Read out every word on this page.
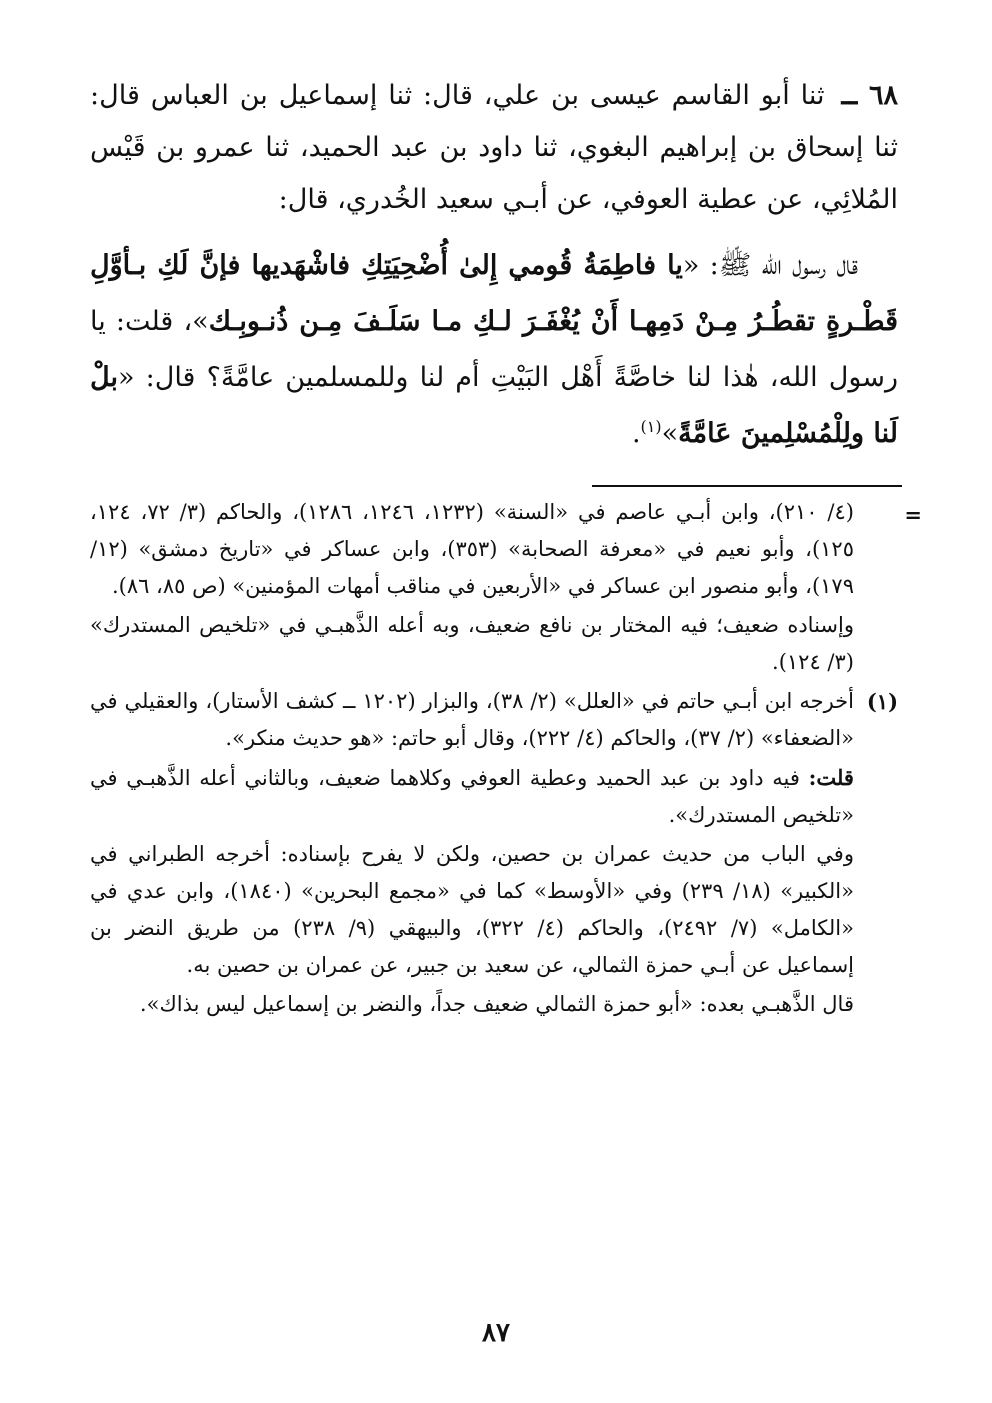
٦٨ ــ ثنا أبو القاسم عيسى بن علي، قال: ثنا إسماعيل بن العباس قال: ثنا إسحاق بن إبراهيم البغوي، ثنا داود بن عبد الحميد، ثنا عمرو بن قَيْس المُلائِي، عن عطية العوفي، عن أبـي سعيد الخُدري، قال:

قال رسول الله ﷺ: «يا فاطِمَةُ قُومي إِلىٰ أُضْحِيَتِكِ فاشْهَديها فإنَّ لَكِ بـأوَّلِ قَطْـرةٍ تقطُـرُ مِـنْ دَمِهـا أَنْ يُغْفَـرَ لـكِ مـا سَلَـفَ مِـن ذُنـوبِـك»، قلت: يا رسول الله، هٰذا لنا خاصَّةً أَهْل البَيْتِ أم لنا وللمسلمين عامَّةً؟ قال: «بلْ لَنا ولِلْمُسْلِمينَ عَامَّةً»$^{(١)}$.

=

(٤/ ٢١٠)، وابن أبـي عاصم في «السنة» (١٢٣٢، ١٢٤٦، ١٢٨٦)، والحاكم (٣/ ٧٢، ١٢٤، ١٢٥)، وأبو نعيم في «معرفة الصحابة» (٣٥٣)، وابن عساكر في «تاريخ دمشق» (١٢/ ١٧٩)، وأبو منصور ابن عساكر في «الأربعين في مناقب أمهات المؤمنين» (ص ٨٥، ٨٦).

وإسناده ضعيف؛ فيه المختار بن نافع ضعيف، وبه أعله الذَّهبـي في «تلخيص المستدرك» (٣/ ١٢٤).

(١)

أخرجه ابن أبـي حاتم في «العلل» (٢/ ٣٨)، والبزار (١٢٠٢ ــ كشف الأستار)، والعقيلي في «الضعفاء» (٢/ ٣٧)، والحاكم (٤/ ٢٢٢)، وقال أبو حاتم: «هو حديث منكر».

قلت: فيه داود بن عبد الحميد وعطية العوفي وكلاهما ضعيف، وبالثاني أعله الذَّهبـي في «تلخيص المستدرك».

وفي الباب من حديث عمران بن حصين، ولكن لا يفرح بإسناده: أخرجه الطبراني في «الكبير» (١٨/ ٢٣٩) وفي «الأوسط» كما في «مجمع البحرين» (١٨٤٠)، وابن عدي في «الكامل» (٧/ ٢٤٩٢)، والحاكم (٤/ ٣٢٢)، والبيهقي (٩/ ٢٣٨) من طريق النضر بن إسماعيل عن أبـي حمزة الثمالي، عن سعيد بن جبير، عن عمران بن حصين به.

قال الذَّهبـي بعده: «أبو حمزة الثمالي ضعيف جداً، والنضر بن إسماعيل ليس بذاك».

٨٧
